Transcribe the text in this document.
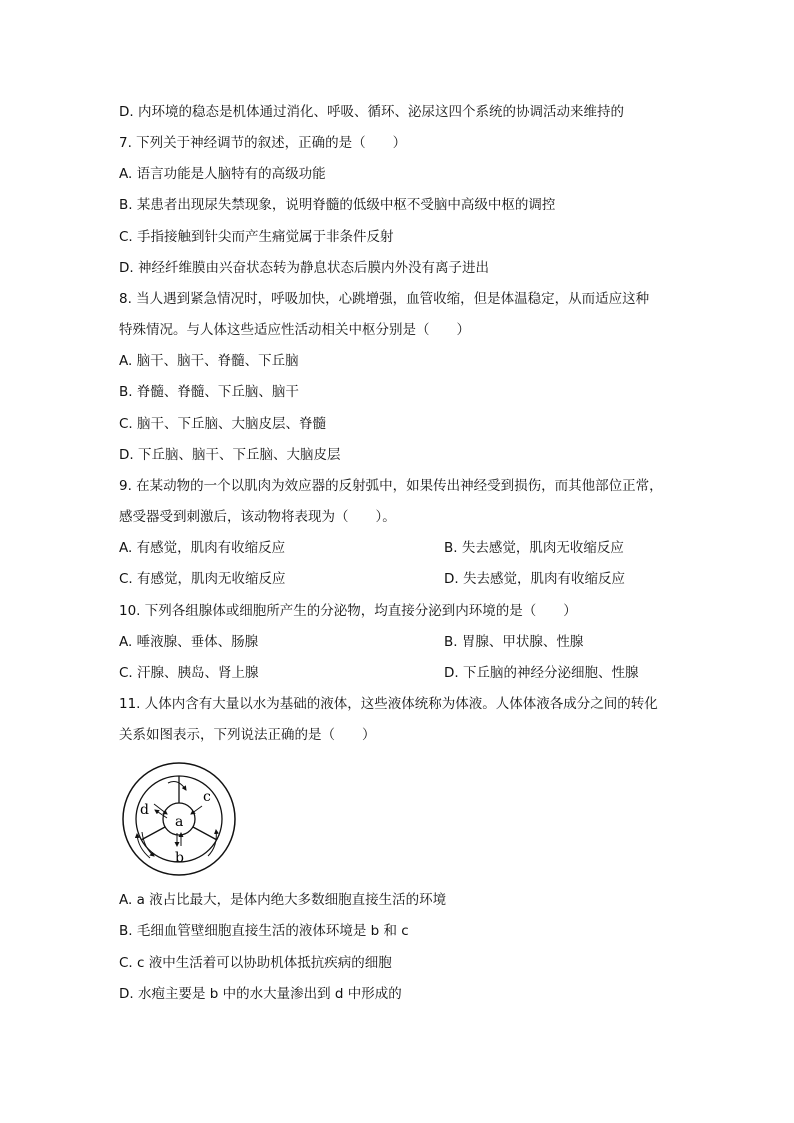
D. 内环境的稳态是机体通过消化、呼吸、循环、泌尿这四个系统的协调活动来维持的
7. 下列关于神经调节的叙述，正确的是（　　）
A. 语言功能是人脑特有的高级功能
B. 某患者出现尿失禁现象，说明脊髓的低级中枢不受脑中高级中枢的调控
C. 手指接触到针尖而产生痛觉属于非条件反射
D. 神经纤维膜由兴奋状态转为静息状态后膜内外没有离子进出
8. 当人遇到紧急情况时，呼吸加快，心跳增强，血管收缩，但是体温稳定，从而适应这种
特殊情况。与人体这些适应性活动相关中枢分别是（　　）
A. 脑干、脑干、脊髓、下丘脑
B. 脊髓、脊髓、下丘脑、脑干
C. 脑干、下丘脑、大脑皮层、脊髓
D. 下丘脑、脑干、下丘脑、大脑皮层
9. 在某动物的一个以肌肉为效应器的反射弧中，如果传出神经受到损伤，而其他部位正常，
感受器受到刺激后，该动物将表现为（　　）。
A. 有感觉，肌肉有收缩反应	B. 失去感觉，肌肉无收缩反应
C. 有感觉，肌肉无收缩反应	D. 失去感觉，肌肉有收缩反应
10. 下列各组腺体或细胞所产生的分泌物，均直接分泌到内环境的是（　　）
A. 唾液腺、垂体、肠腺	B. 胃腺、甲状腺、性腺
C. 汗腺、胰岛、肾上腺	D. 下丘脑的神经分泌细胞、性腺
11. 人体内含有大量以水为基础的液体，这些液体统称为体液。人体体液各成分之间的转化
关系如图表示，下列说法正确的是（　　）
d
c
a
b
A. a 液占比最大，是体内绝大多数细胞直接生活的环境
B. 毛细血管壁细胞直接生活的液体环境是 b 和 c
C. c 液中生活着可以协助机体抵抗疾病的细胞
D. 水疱主要是 b 中的水大量渗出到 d 中形成的
